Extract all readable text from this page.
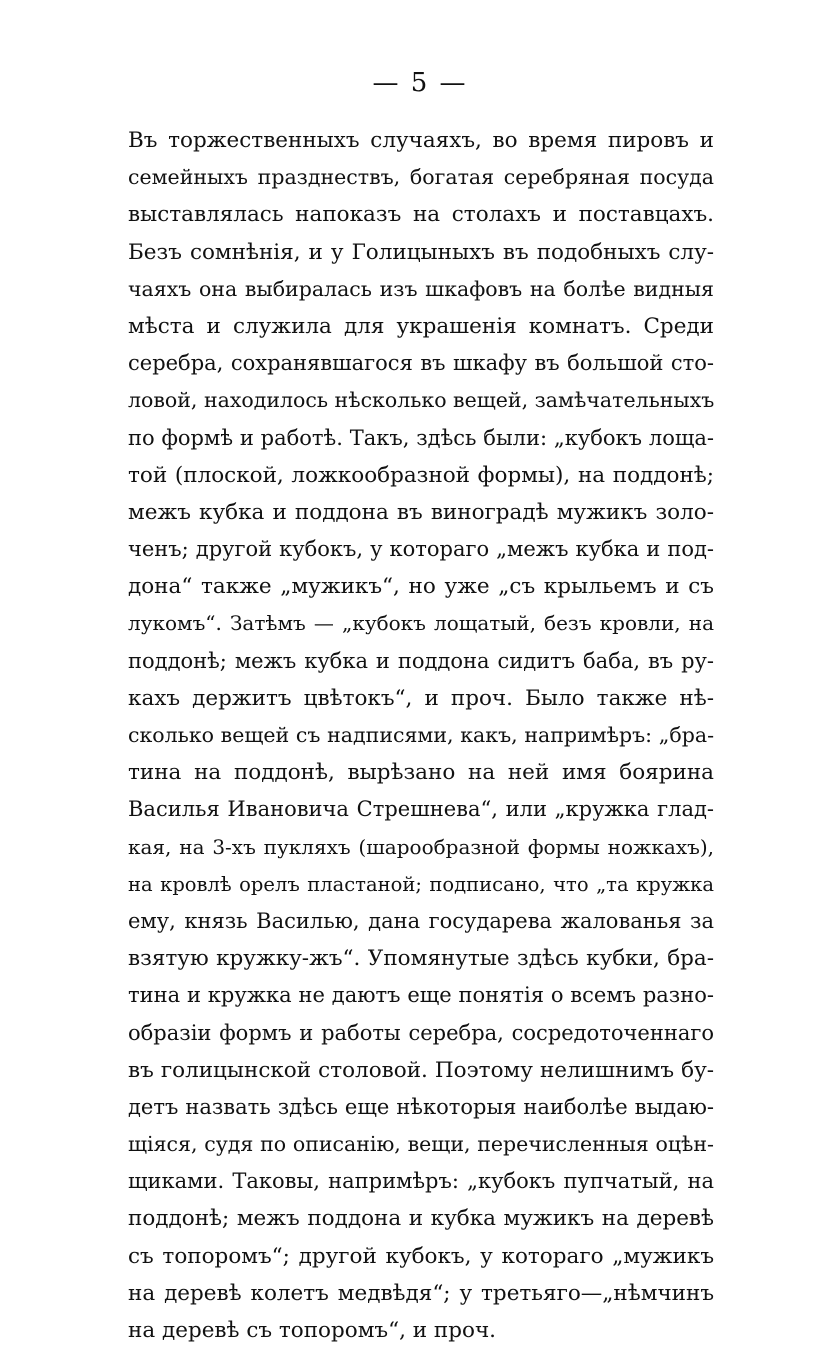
— 5 —
Въ торжественныхъ случаяхъ, во время пировъ и
семейныхъ празднествъ, богатая серебряная посуда
выставлялась напоказъ на столахъ и поставцахъ.
Безъ сомнѣнія, и у Голицыныхъ въ подобныхъ слу-
чаяхъ она выбиралась изъ шкафовъ на болѣе видныя
мѣста и служила для украшенія комнатъ. Среди
серебра, сохранявшагося въ шкафу въ большой сто-
ловой, находилось нѣсколько вещей, замѣчательныхъ
по формѣ и работѣ. Такъ, здѣсь были: „кубокъ лоща-
той (плоской, ложкообразной формы), на поддонѣ;
межъ кубка и поддона въ виноградѣ мужикъ золо-
ченъ; другой кубокъ, у котораго „межъ кубка и под-
дона“ также „мужикъ“, но уже „съ крыльемъ и съ
лукомъ“. Затѣмъ — „кубокъ лощатый, безъ кровли, на
поддонѣ; межъ кубка и поддона сидитъ баба, въ ру-
кахъ держитъ цвѣтокъ“, и проч. Было также нѣ-
сколько вещей съ надписями, какъ, напримѣръ: „бра-
тина на поддонѣ, вырѣзано на ней имя боярина
Василья Ивановича Стрешнева“, или „кружка глад-
кая, на 3-хъ пукляхъ (шарообразной формы ножкахъ),
на кровлѣ орелъ пластаной; подписано, что „та кружка
ему, князь Василью, дана государева жалованья за
взятую кружку-жъ“. Упомянутые здѣсь кубки, бра-
тина и кружка не даютъ еще понятія о всемъ разно-
образіи формъ и работы серебра, сосредоточеннаго
въ голицынской столовой. Поэтому нелишнимъ бу-
детъ назвать здѣсь еще нѣкоторыя наиболѣе выдаю-
щіяся, судя по описанію, вещи, перечисленныя оцѣн-
щиками. Таковы, напримѣръ: „кубокъ пупчатый, на
поддонѣ; межъ поддона и кубка мужикъ на деревѣ
съ топоромъ“; другой кубокъ, у котораго „мужикъ
на деревѣ колетъ медвѣдя“; у третьяго—„нѣмчинъ
на деревѣ съ топоромъ“, и проч.
